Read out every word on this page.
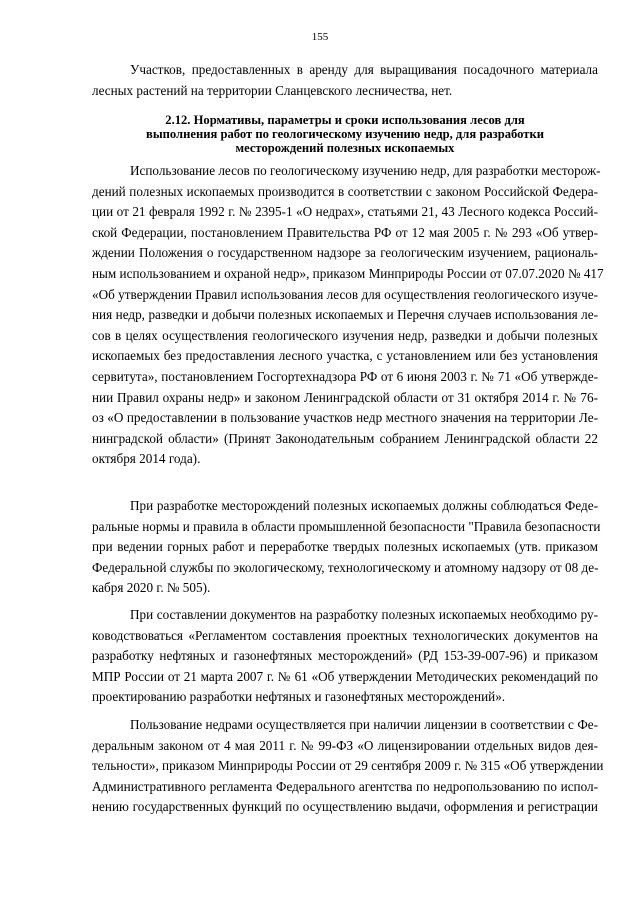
155

Участков, предоставленных в аренду для выращивания посадочного материала
лесных растений на территории Сланцевского лесничества, нет.

2.12. Нормативы, параметры и сроки использования лесов для
выполнения работ по геологическому изучению недр, для разработки
месторождений полезных ископаемых

Использование лесов по геологическому изучению недр, для разработки месторож-
дений полезных ископаемых производится в соответствии с законом Российской Федера-
ции от 21 февраля 1992 г. № 2395-1 «О недрах», статьями 21, 43 Лесного кодекса Россий-
ской Федерации, постановлением Правительства РФ от 12 мая 2005 г. № 293 «Об утвер-
ждении Положения о государственном надзоре за геологическим изучением, рациональ-
ным использованием и охраной недр», приказом Минприроды России от 07.07.2020 № 417
«Об утверждении Правил использования лесов для осуществления геологического изуче-
ния недр, разведки и добычи полезных ископаемых и Перечня случаев использования ле-
сов в целях осуществления геологического изучения недр, разведки и добычи полезных
ископаемых без предоставления лесного участка, с установлением или без установления
сервитута», постановлением Госгортехнадзора РФ от 6 июня 2003 г. № 71 «Об утвержде-
нии Правил охраны недр» и законом Ленинградской области от 31 октября 2014 г. № 76-
оз «О предоставлении в пользование участков недр местного значения на территории Ле-
нинградской области» (Принят Законодательным собранием Ленинградской области 22
октября 2014 года).

При разработке месторождений полезных ископаемых должны соблюдаться Феде-
ральные нормы и правила в области промышленной безопасности "Правила безопасности
при ведении горных работ и переработке твердых полезных ископаемых (утв. приказом
Федеральной службы по экологическому, технологическому и атомному надзору от 08 де-
кабря 2020 г. № 505).

При составлении документов на разработку полезных ископаемых необходимо ру-
ководствоваться «Регламентом составления проектных технологических документов на
разработку нефтяных и газонефтяных месторождений» (РД 153-39-007-96) и приказом
МПР России от 21 марта 2007 г. № 61 «Об утверждении Методических рекомендаций по
проектированию разработки нефтяных и газонефтяных месторождений».

Пользование недрами осуществляется при наличии лицензии в соответствии с Фе-
деральным законом от 4 мая 2011 г. № 99-ФЗ «О лицензировании отдельных видов дея-
тельности», приказом Минприроды России от 29 сентября 2009 г. № 315 «Об утверждении
Административного регламента Федерального агентства по недропользованию по испол-
нению государственных функций по осуществлению выдачи, оформления и регистрации
